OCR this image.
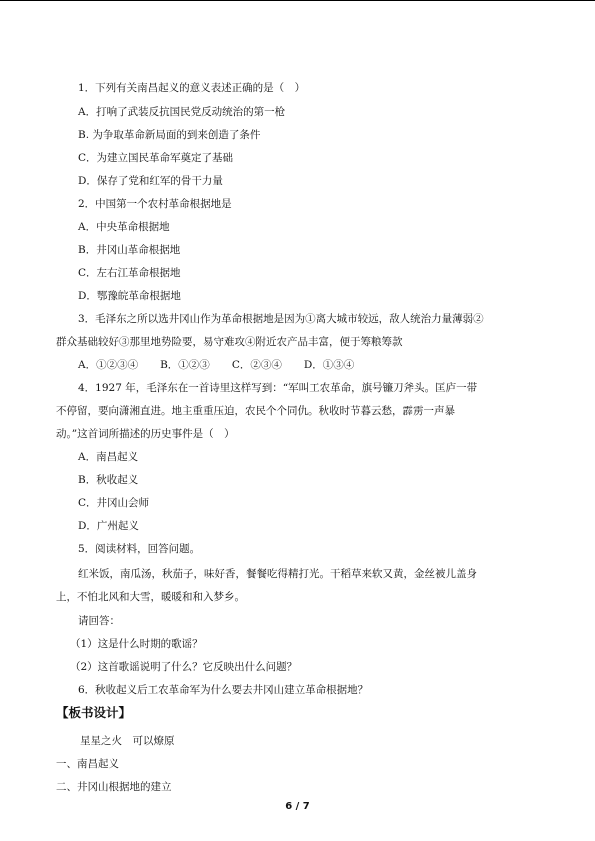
1．下列有关南昌起义的意义表述正确的是（　）
A．打响了武装反抗国民党反动统治的第一枪
B. 为争取革命新局面的到来创造了条件
C．为建立国民革命军奠定了基础
D．保存了党和红军的骨干力量
2．中国第一个农村革命根据地是
A．中央革命根据地
B．井冈山革命根据地
C．左右江革命根据地
D．鄂豫皖革命根据地
3．毛泽东之所以选井冈山作为革命根据地是因为①离大城市较远，敌人统治力量薄弱②
群众基础较好③那里地势险要，易守难攻④附近农产品丰富，便于筹粮筹款
A．①②③④ B．①②③ C．②③④ D．①③④
4．1927 年，毛泽东在一首诗里这样写到：“军叫工农革命，旗号镰刀斧头。匡庐一带
不停留，要向潇湘直进。地主重重压迫，农民个个同仇。秋收时节暮云愁，霹雳一声暴
动。”这首词所描述的历史事件是（　）
A．南昌起义
B．秋收起义
C．井冈山会师
D．广州起义
5．阅读材料，回答问题。
红米饭，南瓜汤，秋茄子，味好香，餐餐吃得精打光。干稻草来软又黄，金丝被儿盖身
上，不怕北风和大雪，暖暖和和入梦乡。
请回答：
（1）这是什么时期的歌谣？
（2）这首歌谣说明了什么？它反映出什么问题？
6．秋收起义后工农革命军为什么要去井冈山建立革命根据地？
【板书设计】
星星之火　可以燎原
一、南昌起义
二、井冈山根据地的建立
6 / 7
